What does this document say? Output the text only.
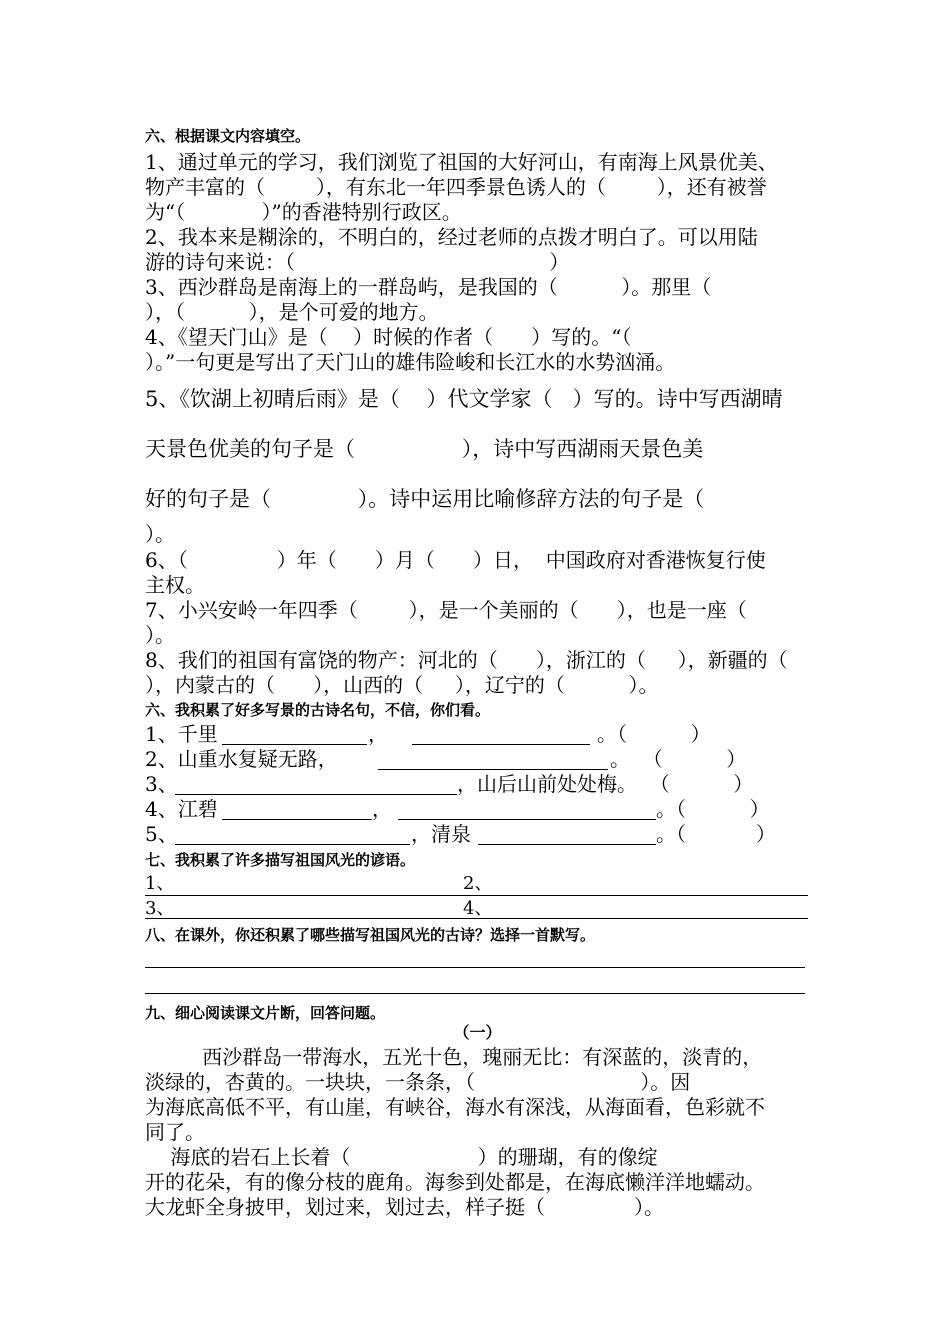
六、根据课文内容填空。
1、通过单元的学习，我们浏览了祖国的大好河山，有南海上风景优美、
物产丰富的（        ），有东北一年四季景色诱人的（        ），还有被誉
为“（            ）”的香港特别行政区。
2、我本来是糊涂的，不明白的，经过老师的点拨才明白了。可以用陆
游的诗句来说：（                                        ）
3、西沙群岛是南海上的一群岛屿，是我国的（          ）。那里（
），（          ），是个可爱的地方。
4、《望天门山》是（    ）时候的作者（      ）写的。“（
）。”一句更是写出了天门山的雄伟险峻和长江水的水势汹涌。
5、《饮湖上初晴后雨》是（    ）代文学家（   ）写的。诗中写西湖晴
天景色优美的句子是（                ），诗中写西湖雨天景色美
好的句子是（             ）。诗中运用比喻修辞方法的句子是（
）。
6、（              ）年（      ）月（      ）日，  中国政府对香港恢复行使
主权。
7、小兴安岭一年四季（        ），是一个美丽的（      ），也是一座（
）。
8、我们的祖国有富饶的物产：河北的（      ），浙江的（     ），新疆的（
），内蒙古的（      ），山西的（     ），辽宁的（          ）。
六、我积累了好多写景的古诗名句，不信，你们看。
1、千里	，	。（          ）
2、山重水复疑无路，	。  （          ）
3、	，山后山前处处梅。  （          ）
4、江碧	，	。（          ）
5、	，清泉	。（           ）
七、我积累了许多描写祖国风光的谚语。
1、	2、
3、	4、
八、在课外，你还积累了哪些描写祖国风光的古诗？选择一首默写。
九、细心阅读课文片断，回答问题。
（一）
西沙群岛一带海水，五光十色，瑰丽无比：有深蓝的，淡青的，
淡绿的，杏黄的。一块块，一条条，（                          ）。因
为海底高低不平，有山崖，有峡谷，海水有深浅，从海面看，色彩就不
同了。
海底的岩石上长着（                    ）的珊瑚，有的像绽
开的花朵，有的像分枝的鹿角。海参到处都是，在海底懒洋洋地蠕动。
大龙虾全身披甲，划过来，划过去，样子挺（              ）。
